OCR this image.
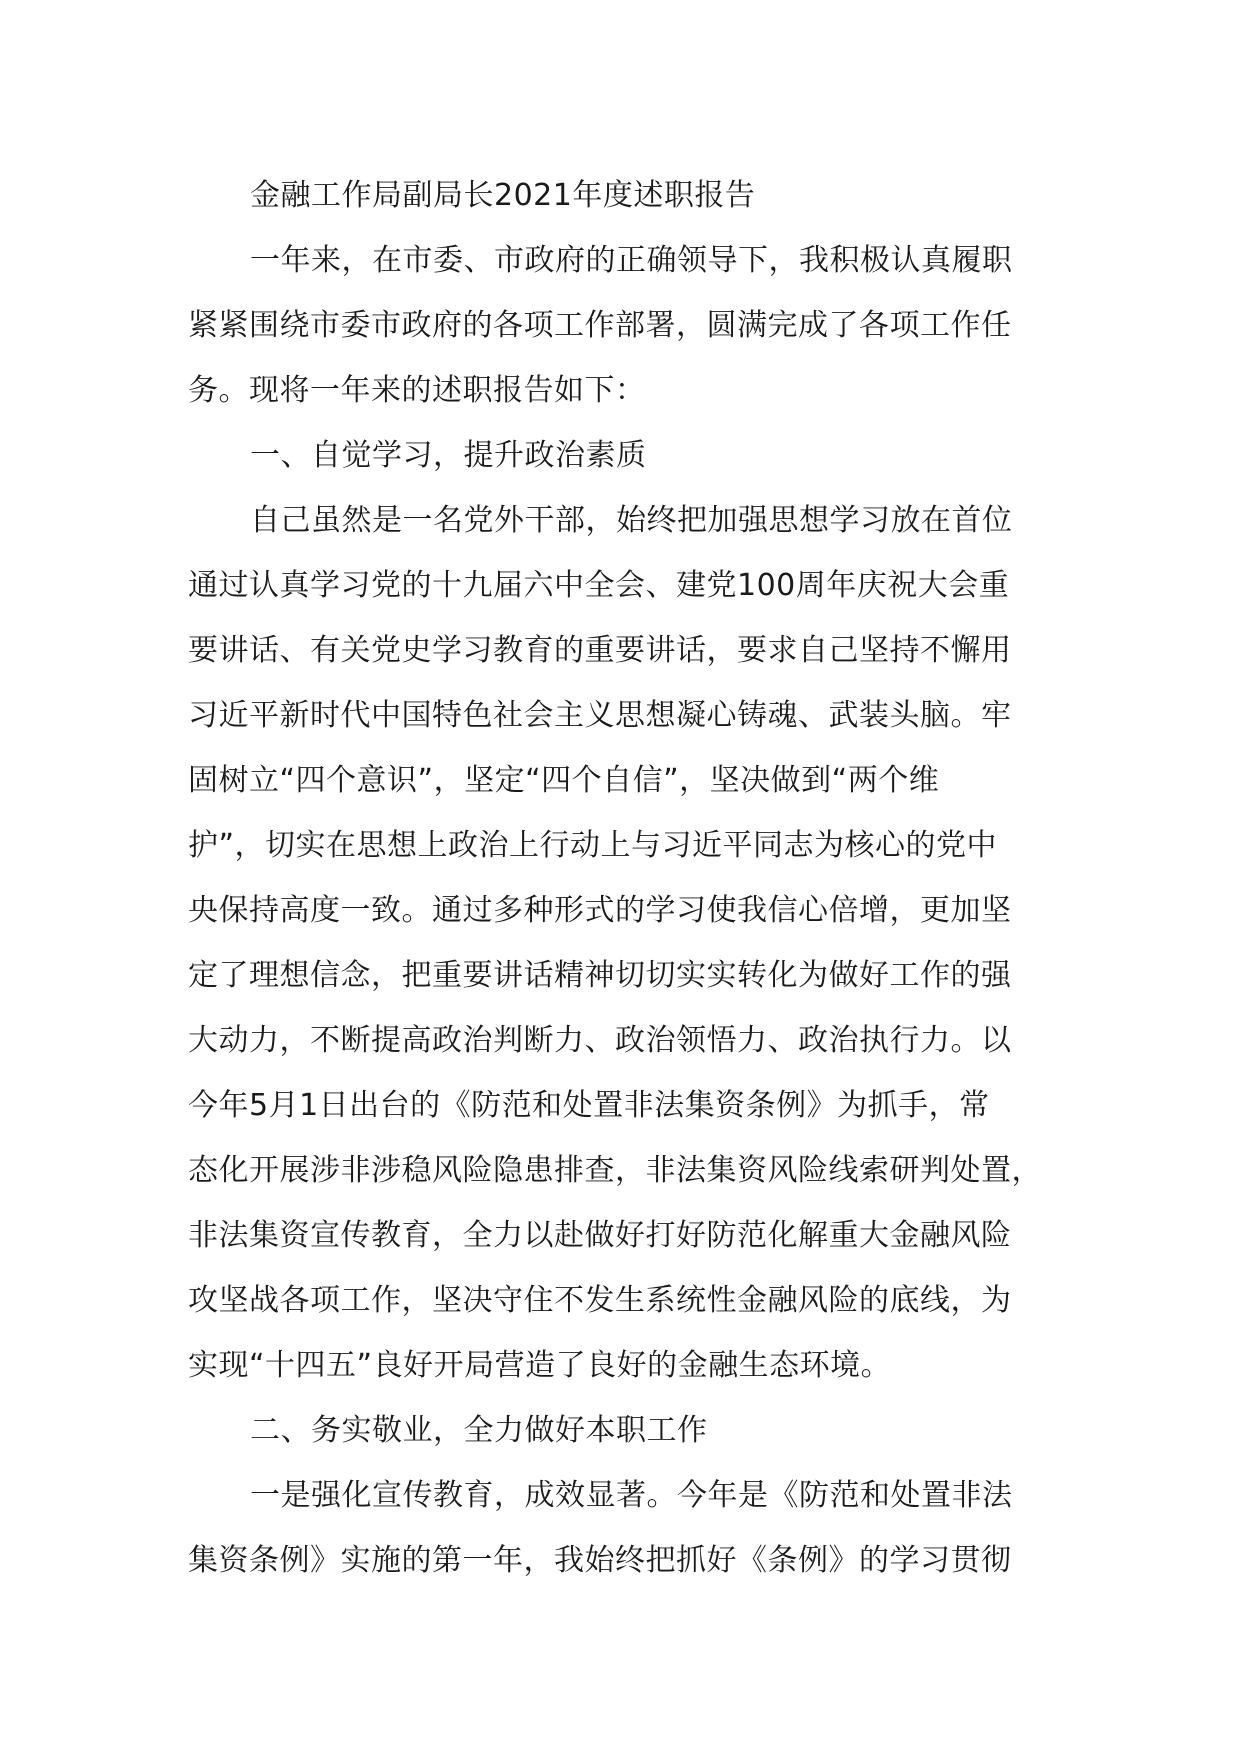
金融工作局副局长2021年度述职报告
一年来，在市委、市政府的正确领导下，我积极认真履职
紧紧围绕市委市政府的各项工作部署，圆满完成了各项工作任
务。现将一年来的述职报告如下：
一、自觉学习，提升政治素质
自己虽然是一名党外干部，始终把加强思想学习放在首位
通过认真学习党的十九届六中全会、建党100周年庆祝大会重
要讲话、有关党史学习教育的重要讲话，要求自己坚持不懈用
习近平新时代中国特色社会主义思想凝心铸魂、武装头脑。牢
固树立“四个意识”，坚定“四个自信”，坚决做到“两个维
护”，切实在思想上政治上行动上与习近平同志为核心的党中
央保持高度一致。通过多种形式的学习使我信心倍增，更加坚
定了理想信念，把重要讲话精神切切实实转化为做好工作的强
大动力，不断提高政治判断力、政治领悟力、政治执行力。以
今年5月1日出台的《防范和处置非法集资条例》为抓手，常
态化开展涉非涉稳风险隐患排查，非法集资风险线索研判处置，
非法集资宣传教育，全力以赴做好打好防范化解重大金融风险
攻坚战各项工作，坚决守住不发生系统性金融风险的底线，为
实现“十四五”良好开局营造了良好的金融生态环境。
二、务实敬业，全力做好本职工作
一是强化宣传教育，成效显著。今年是《防范和处置非法
集资条例》实施的第一年，我始终把抓好《条例》的学习贯彻
